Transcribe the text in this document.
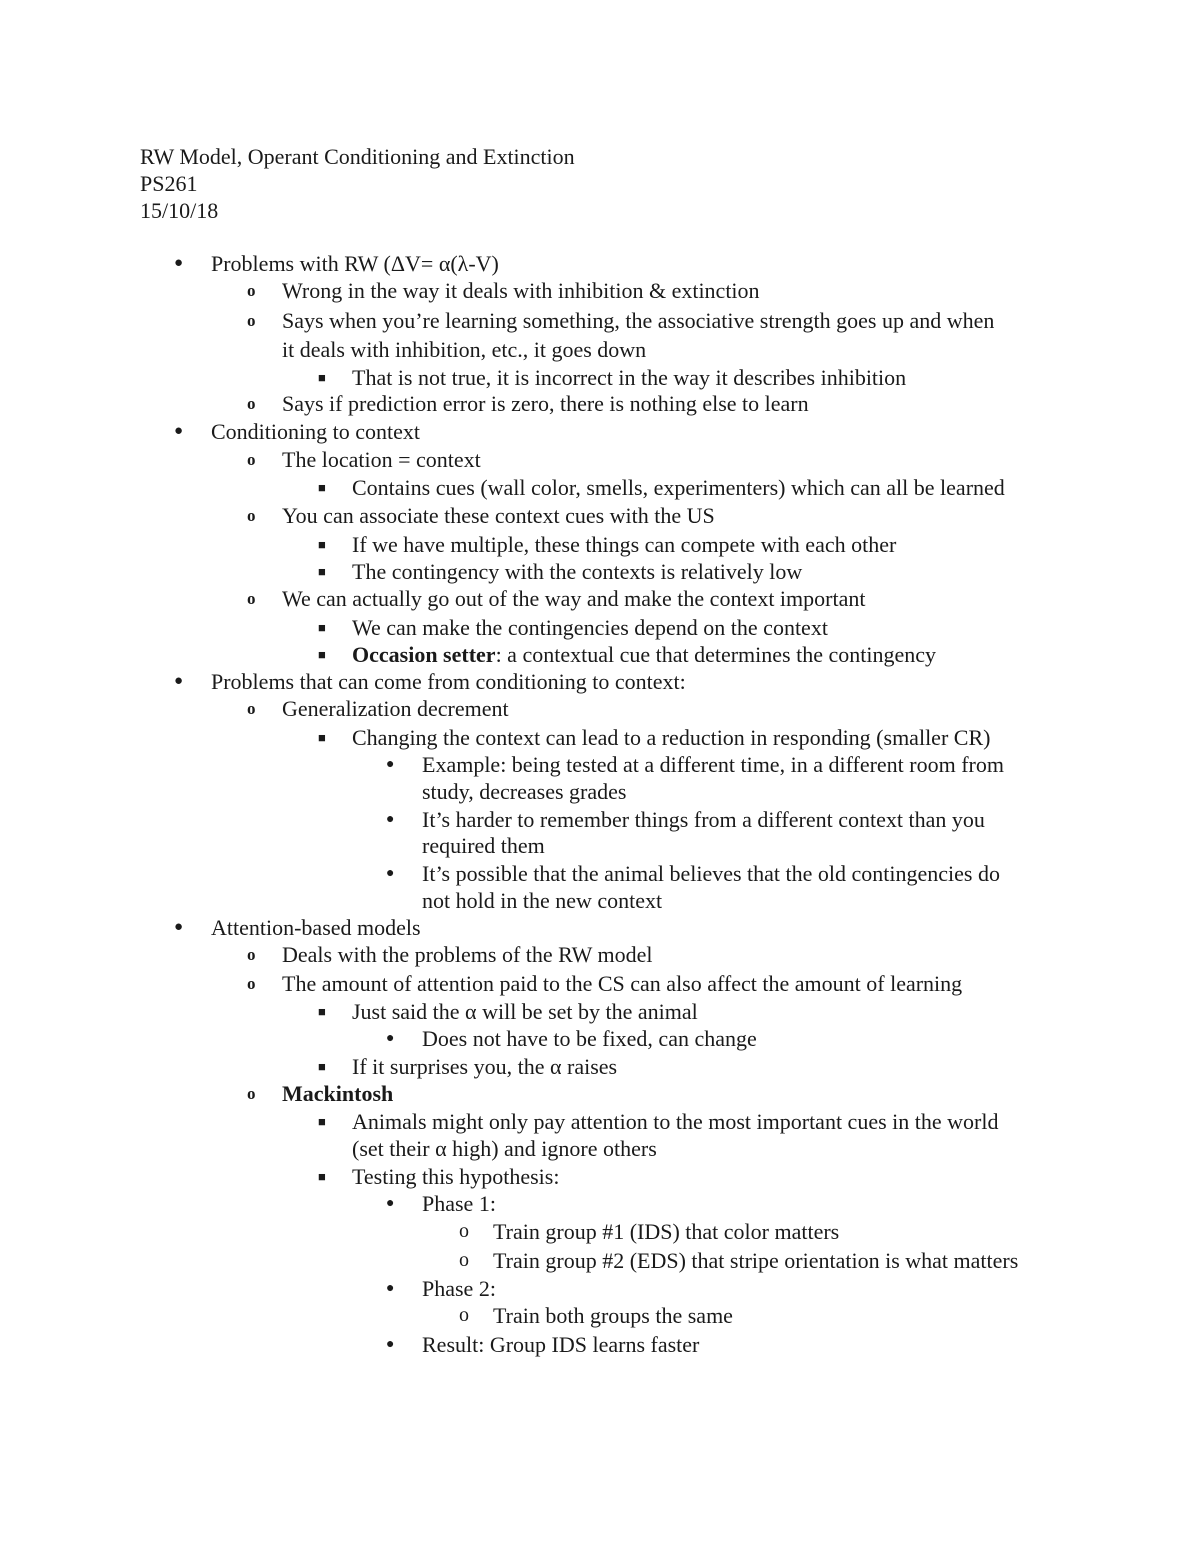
RW Model, Operant Conditioning and Extinction
PS261
15/10/18
● Problems with RW (ΔV= α(λ-V)
o Wrong in the way it deals with inhibition & extinction
o Says when you’re learning something, the associative strength goes up and when
it deals with inhibition, etc., it goes down
■ That is not true, it is incorrect in the way it describes inhibition
o Says if prediction error is zero, there is nothing else to learn
● Conditioning to context
o The location = context
■ Contains cues (wall color, smells, experimenters) which can all be learned
o You can associate these context cues with the US
■ If we have multiple, these things can compete with each other
■ The contingency with the contexts is relatively low
o We can actually go out of the way and make the context important
■ We can make the contingencies depend on the context
■ Occasion setter: a contextual cue that determines the contingency
● Problems that can come from conditioning to context:
o Generalization decrement
■ Changing the context can lead to a reduction in responding (smaller CR)
● Example: being tested at a different time, in a different room from
study, decreases grades
● It’s harder to remember things from a different context than you
required them
● It’s possible that the animal believes that the old contingencies do
not hold in the new context
● Attention-based models
o Deals with the problems of the RW model
o The amount of attention paid to the CS can also affect the amount of learning
■ Just said the α will be set by the animal
● Does not have to be fixed, can change
■ If it surprises you, the α raises
o Mackintosh
■ Animals might only pay attention to the most important cues in the world
(set their α high) and ignore others
■ Testing this hypothesis:
● Phase 1:
o Train group #1 (IDS) that color matters
o Train group #2 (EDS) that stripe orientation is what matters
● Phase 2:
o Train both groups the same
● Result: Group IDS learns faster
